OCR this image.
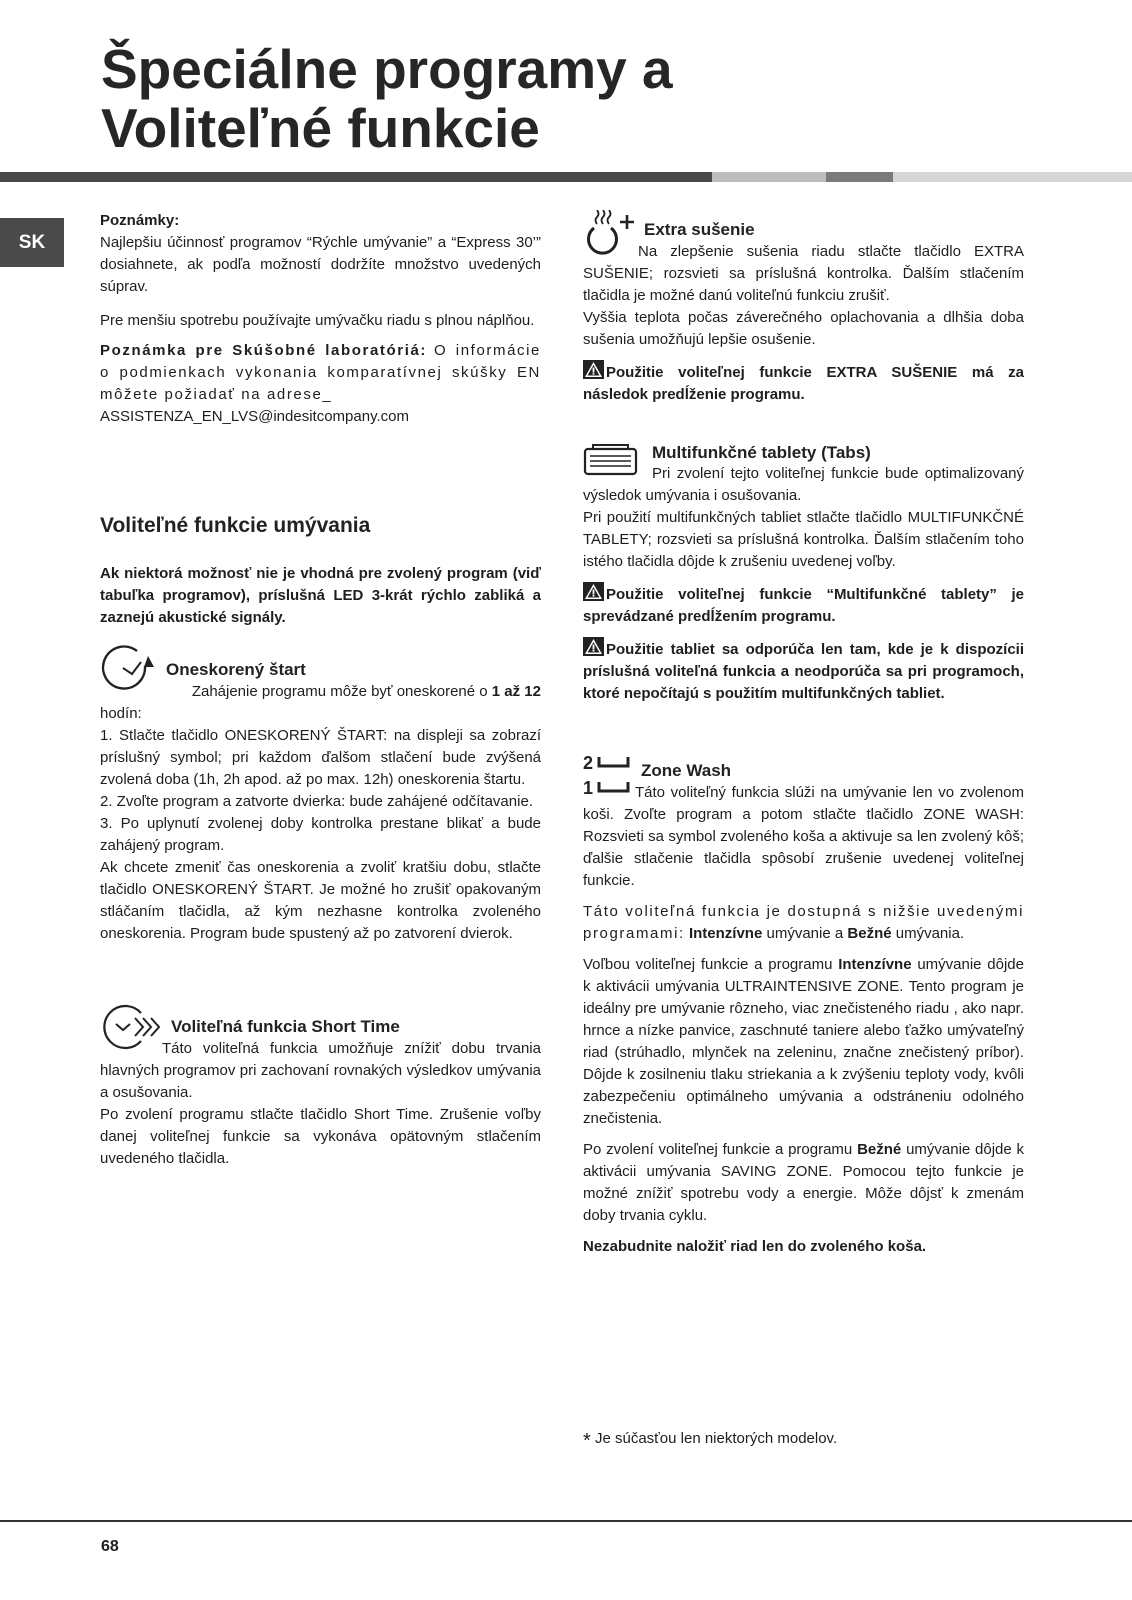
Špeciálne programy a
Voliteľné funkcie
SK

Poznámky:

Najlepšiu účinnosť programov “Rýchle umývanie” a “Express 30’” dosiahnete, ak podľa možností dodržíte množstvo uvedených súprav.

Pre menšiu spotrebu používajte umývačku riadu s plnou náplňou.

Poznámka pre Skúšobné laboratóriá: O informácie o podmienkach vykonania komparatívnej skúšky EN môžete požiadať na adrese_

ASSISTENZA_EN_LVS@indesitcompany.com

Voliteľné funkcie umývania
Ak niektorá možnosť nie je vhodná pre zvolený program (viď tabuľka programov), príslušná LED 3-krát rýchlo zabliká a zaznejú akustické signály.
Oneskorený štart

Zahájenie programu môže byť oneskorené o 1 až 12

hodín:

1. Stlačte tlačidlo ONESKORENÝ ŠTART: na displeji sa zobrazí príslušný symbol; pri každom ďalšom stlačení bude zvýšená zvolená doba (1h, 2h apod. až po max. 12h) oneskorenia štartu.
2. Zvoľte program a zatvorte dvierka: bude zahájené odčítavanie.
3. Po uplynutí zvolenej doby kontrolka prestane blikať a bude zahájený program.
Ak chcete zmeniť čas oneskorenia a zvoliť kratšiu dobu, stlačte tlačidlo ONESKORENÝ ŠTART. Je možné ho zrušiť opakovaným stláčaním tlačidla, až kým nezhasne kontrolka zvoleného oneskorenia. Program bude spustený až po zatvorení dvierok.

Voliteľná funkcia Short Time

Táto voliteľná funkcia umožňuje znížiť dobu trvania hlavných programov pri zachovaní rovnakých výsledkov umývania a osušovania.

Po zvolení programu stlačte tlačidlo Short Time. Zrušenie voľby danej voliteľnej funkcie sa vykonáva opätovným stlačením uvedeného tlačidla.

Extra sušenie

Na zlepšenie sušenia riadu stlačte tlačidlo EXTRA SUŠENIE; rozsvieti sa príslušná kontrolka. Ďalším stlačením tlačidla je možné danú voliteľnú funkciu zrušiť.

Vyššia teplota počas záverečného oplachovania a dlhšia doba sušenia umožňujú lepšie osušenie.

Použitie voliteľnej funkcie EXTRA SUŠENIE má za následok predĺženie programu.

Multifunkčné tablety (Tabs)

Pri zvolení tejto voliteľnej funkcie bude optimalizovaný výsledok umývania i osušovania.

Pri použití multifunkčných tabliet stlačte tlačidlo MULTIFUNKČNÉ TABLETY; rozsvieti sa príslušná kontrolka. Ďalším stlačením toho istého tlačidla dôjde k zrušeniu uvedenej voľby.

Použitie voliteľnej funkcie “Multifunkčné tablety” je sprevádzané predĺžením programu.

Použitie tabliet sa odporúča len tam, kde je k dispozícii príslušná voliteľná funkcia a neodporúča sa pri programoch, ktoré nepočítajú s použitím multifunkčných tabliet.

2
1
Zone Wash

Táto voliteľný funkcia slúži na umývanie len vo zvolenom koši. Zvoľte program a potom stlačte tlačidlo ZONE WASH: Rozsvieti sa symbol zvoleného koša a aktivuje sa len zvolený kôš; ďalšie stlačenie tlačidla spôsobí zrušenie uvedenej voliteľnej funkcie.

Táto voliteľná funkcia je dostupná s nižšie uvedenými programami: Intenzívne umývanie a Bežné umývania.

Voľbou voliteľnej funkcie a programu Intenzívne umývanie dôjde k aktivácii umývania ULTRAINTENSIVE ZONE. Tento program je ideálny pre umývanie rôzneho, viac znečisteného riadu , ako napr. hrnce a nízke panvice, zaschnuté taniere alebo ťažko umývateľný riad (strúhadlo, mlynček na zeleninu, značne znečistený príbor). Dôjde k zosilneniu tlaku striekania a k zvýšeniu teploty vody, kvôli zabezpečeniu optimálneho umývania a odstráneniu odolného znečistenia.

Po zvolení voliteľnej funkcie a programu Bežné umývanie dôjde k aktivácii umývania SAVING ZONE. Pomocou tejto funkcie je možné znížiť spotrebu vody a energie. Môže dôjsť k zmenám doby trvania cyklu.

Nezabudnite naložiť riad len do zvoleného koša.

* Je súčasťou len niektorých modelov.
68
